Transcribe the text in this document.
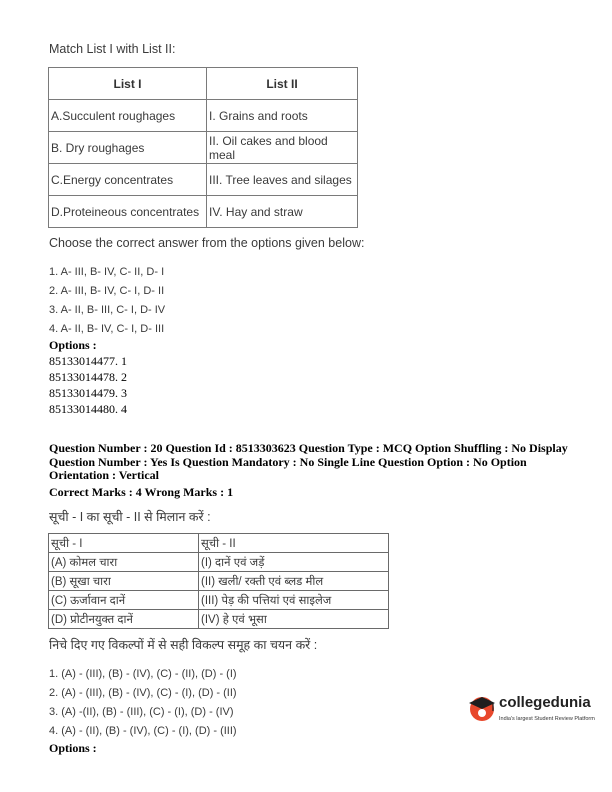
Match List I with List II:
List I	List II
A.Succulent roughages	I. Grains and roots
B. Dry roughages	II. Oil cakes and blood meal
C.Energy concentrates	III. Tree leaves and silages
D.Proteineous concentrates	IV. Hay and straw
Choose the correct answer from the options given below:
1. A- III, B- IV, C- II, D- I
2. A- III, B- IV, C- I, D- II
3. A- II, B- III, C- I, D- IV
4. A- II, B- IV, C- I, D- III
Options :
85133014477. 1
85133014478. 2
85133014479. 3
85133014480. 4
Question Number : 20 Question Id : 8513303623 Question Type : MCQ Option Shuffling : No Display
Question Number : Yes Is Question Mandatory : No Single Line Question Option : No Option
Orientation : Vertical
Correct Marks : 4 Wrong Marks : 1
सूची - I का सूची - II से मिलान करें :
सूची - I	सूची - II
(A) कोमल चारा	(I) दानें एवं जड़ें
(B) सूखा चारा	(II) खली/ रक्ती एवं ब्लड मील
(C) ऊर्जावान दानें	(III) पेड़ की पत्तियां एवं साइलेज
(D) प्रोटीनयुक्त दानें	(IV) हे एवं भूसा
निचे दिए गए विकल्पों में से सही विकल्प समूह का चयन करें :
1. (A) - (III), (B) - (IV), (C) - (II), (D) - (I)
2. (A) - (III), (B) - (IV), (C) - (I), (D) - (II)
3. (A) -(II), (B) - (III), (C) - (I), (D) - (IV)
4. (A) - (II), (B) - (IV), (C) - (I), (D) - (III)
Options :
collegedunia
India's largest Student Review Platform
